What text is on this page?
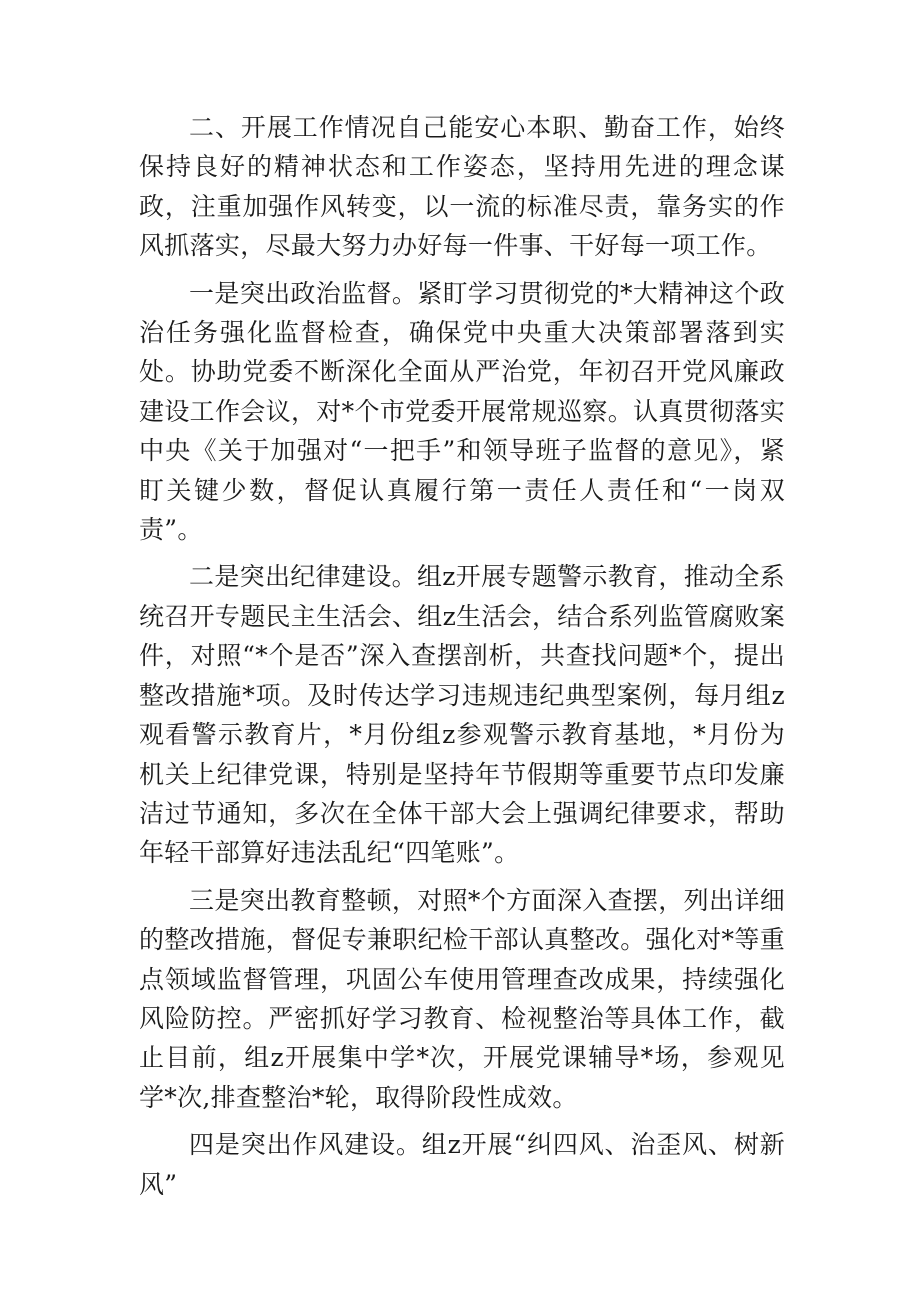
二、开展工作情况自己能安心本职、勤奋工作，始终保持良好的精神状态和工作姿态，坚持用先进的理念谋政，注重加强作风转变，以一流的标准尽责，靠务实的作风抓落实，尽最大努力办好每一件事、干好每一项工作。

一是突出政治监督。紧盯学习贯彻党的*大精神这个政治任务强化监督检查，确保党中央重大决策部署落到实处。协助党委不断深化全面从严治党，年初召开党风廉政建设工作会议，对*个市党委开展常规巡察。认真贯彻落实中央《关于加强对“一把手”和领导班子监督的意见》，紧盯关键少数，督促认真履行第一责任人责任和“一岗双责”。

二是突出纪律建设。组z开展专题警示教育，推动全系统召开专题民主生活会、组z生活会，结合系列监管腐败案件，对照“*个是否”深入查摆剖析，共查找问题*个，提出整改措施*项。及时传达学习违规违纪典型案例，每月组z观看警示教育片，*月份组z参观警示教育基地，*月份为机关上纪律党课，特别是坚持年节假期等重要节点印发廉洁过节通知，多次在全体干部大会上强调纪律要求，帮助年轻干部算好违法乱纪“四笔账”。

三是突出教育整顿，对照*个方面深入查摆，列出详细的整改措施，督促专兼职纪检干部认真整改。强化对*等重点领域监督管理，巩固公车使用管理查改成果，持续强化风险防控。严密抓好学习教育、检视整治等具体工作，截止目前，组z开展集中学*次，开展党课辅导*场，参观见学*次,排查整治*轮，取得阶段性成效。

四是突出作风建设。组z开展“纠四风、治歪风、树新风”
